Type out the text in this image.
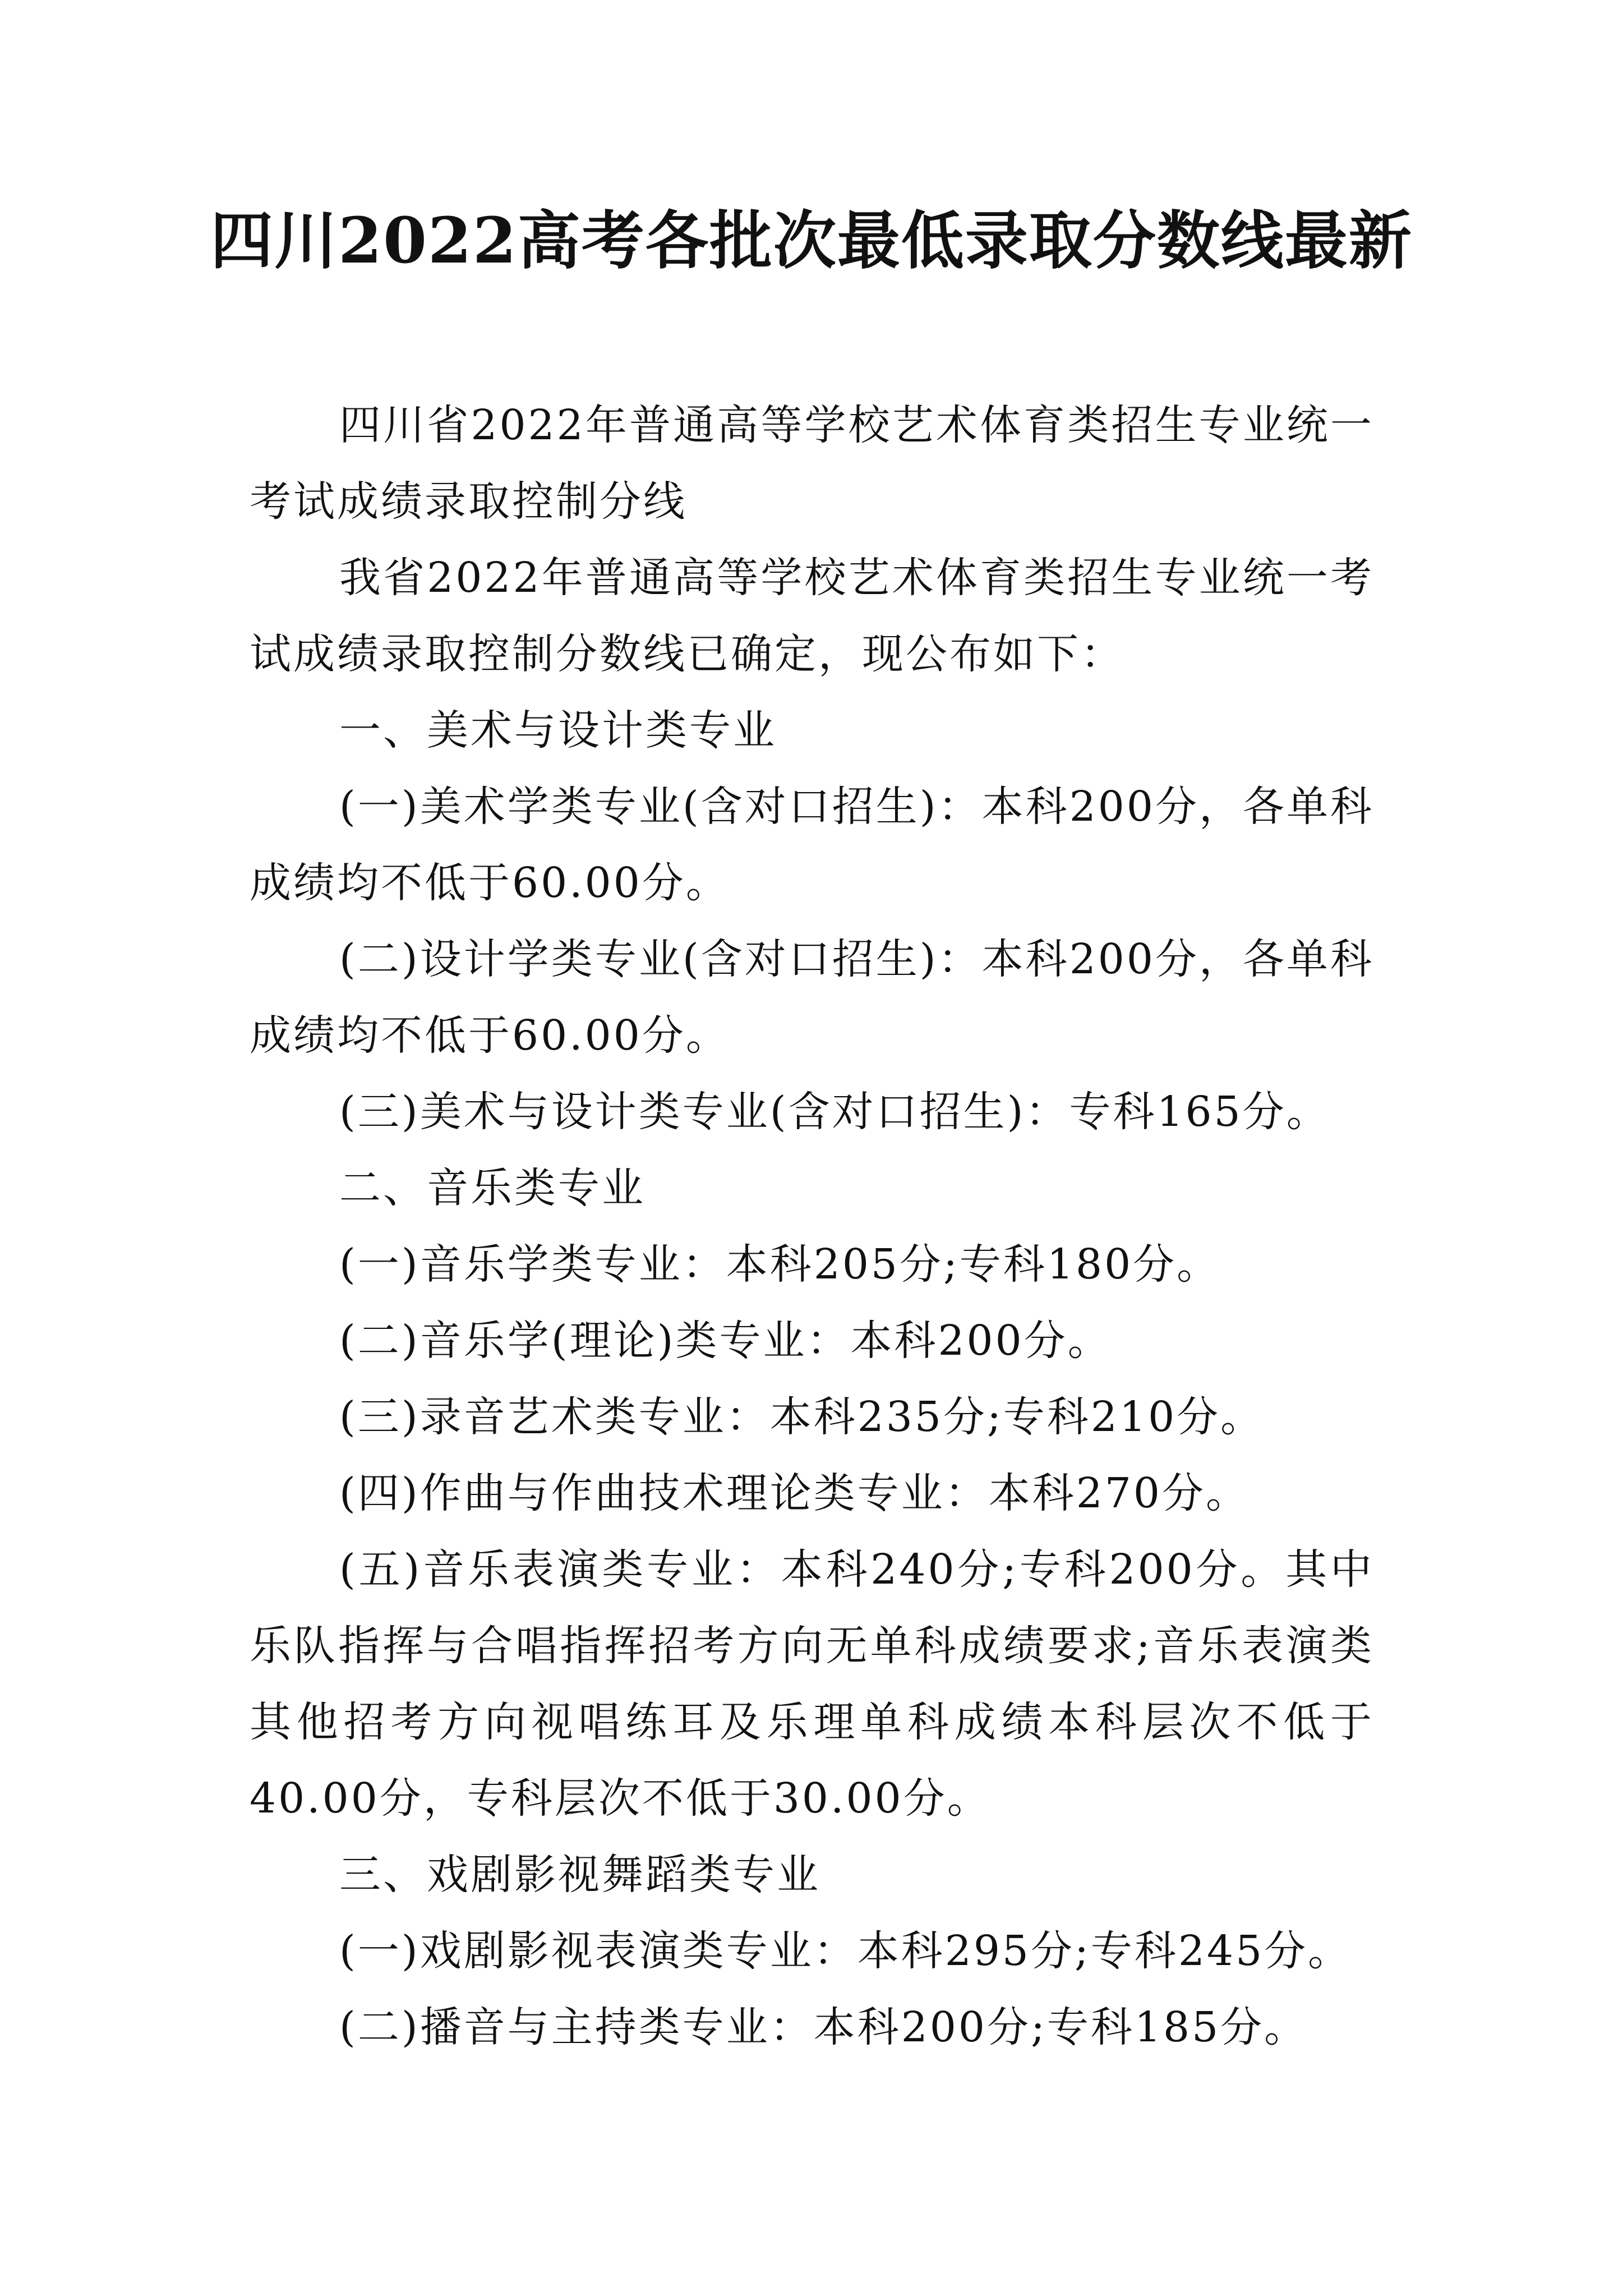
四川2022高考各批次最低录取分数线最新

四川省2022年普通高等学校艺术体育类招生专业统一考试成绩录取控制分线

我省2022年普通高等学校艺术体育类招生专业统一考试成绩录取控制分数线已确定，现公布如下：

一、美术与设计类专业

(一)美术学类专业(含对口招生)：本科200分，各单科成绩均不低于60.00分。

(二)设计学类专业(含对口招生)：本科200分，各单科成绩均不低于60.00分。

(三)美术与设计类专业(含对口招生)：专科165分。

二、音乐类专业

(一)音乐学类专业：本科205分;专科180分。

(二)音乐学(理论)类专业：本科200分。

(三)录音艺术类专业：本科235分;专科210分。

(四)作曲与作曲技术理论类专业：本科270分。

(五)音乐表演类专业：本科240分;专科200分。其中乐队指挥与合唱指挥招考方向无单科成绩要求;音乐表演类其他招考方向视唱练耳及乐理单科成绩本科层次不低于40.00分，专科层次不低于30.00分。

三、戏剧影视舞蹈类专业

(一)戏剧影视表演类专业：本科295分;专科245分。

(二)播音与主持类专业：本科200分;专科185分。
